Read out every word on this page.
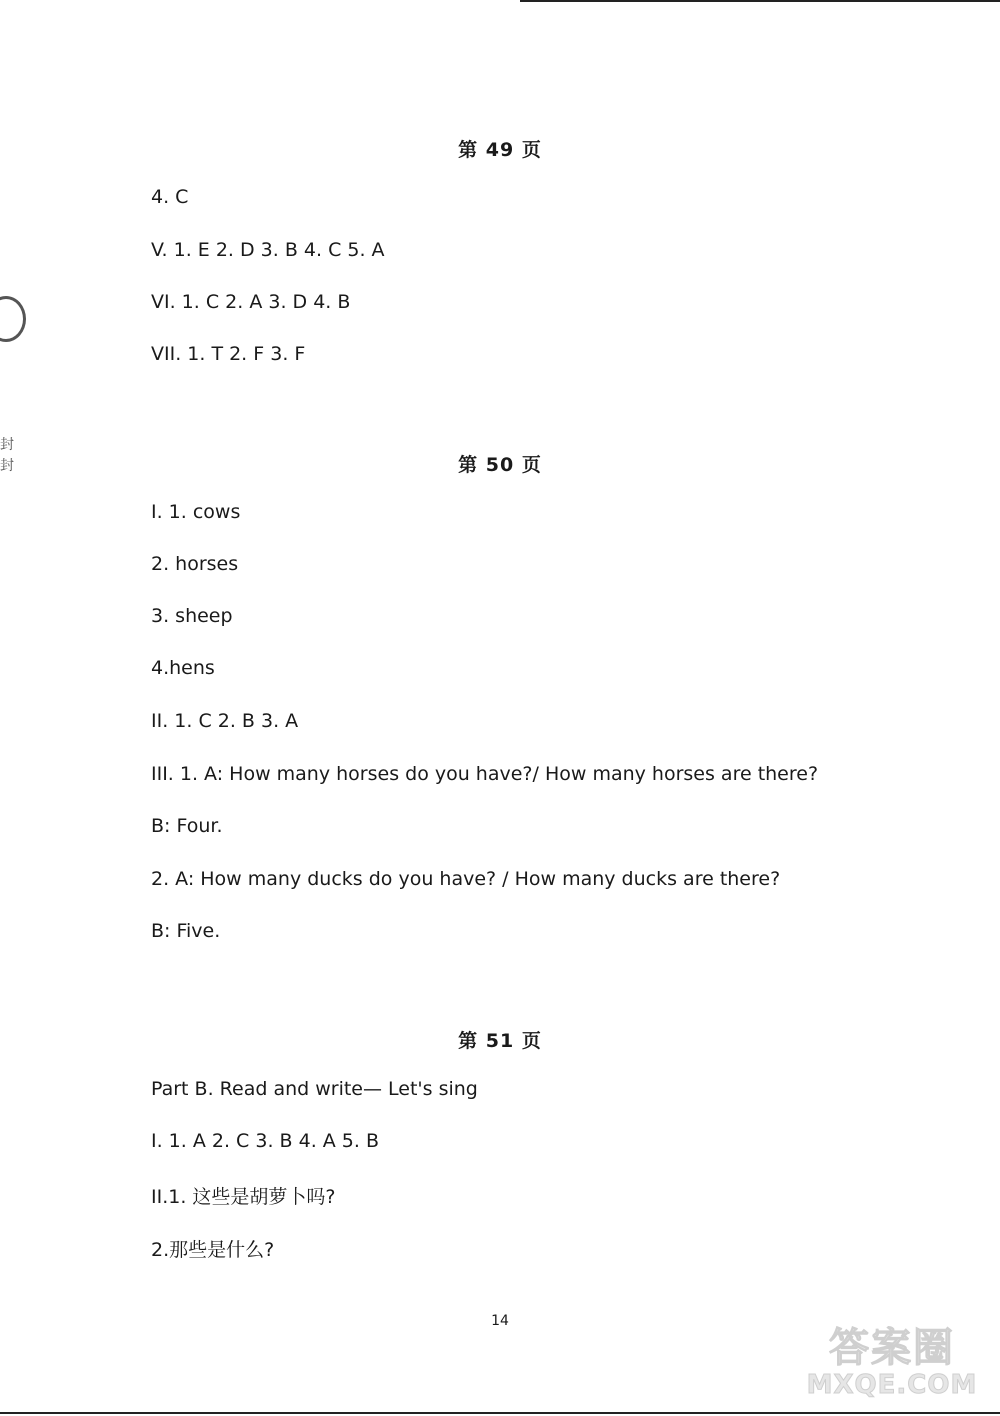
封
封
第 49 页
4. C
V. 1. E 2. D 3. B 4. C 5. A
VI. 1. C 2. A 3. D 4. B
VII. 1. T 2. F 3. F
第 50 页
I. 1. cows
2. horses
3. sheep
4.hens
II. 1. C 2. B 3. A
III. 1. A: How many horses do you have?/ How many horses are there?
B: Four.
2. A: How many ducks do you have? / How many ducks are there?
B: Five.
第 51 页
Part B. Read and write— Let's sing
I. 1. A 2. C 3. B 4. A 5. B
II.1. 这些是胡萝卜吗?
2.那些是什么?
14
答案圈
MXQE.COM
